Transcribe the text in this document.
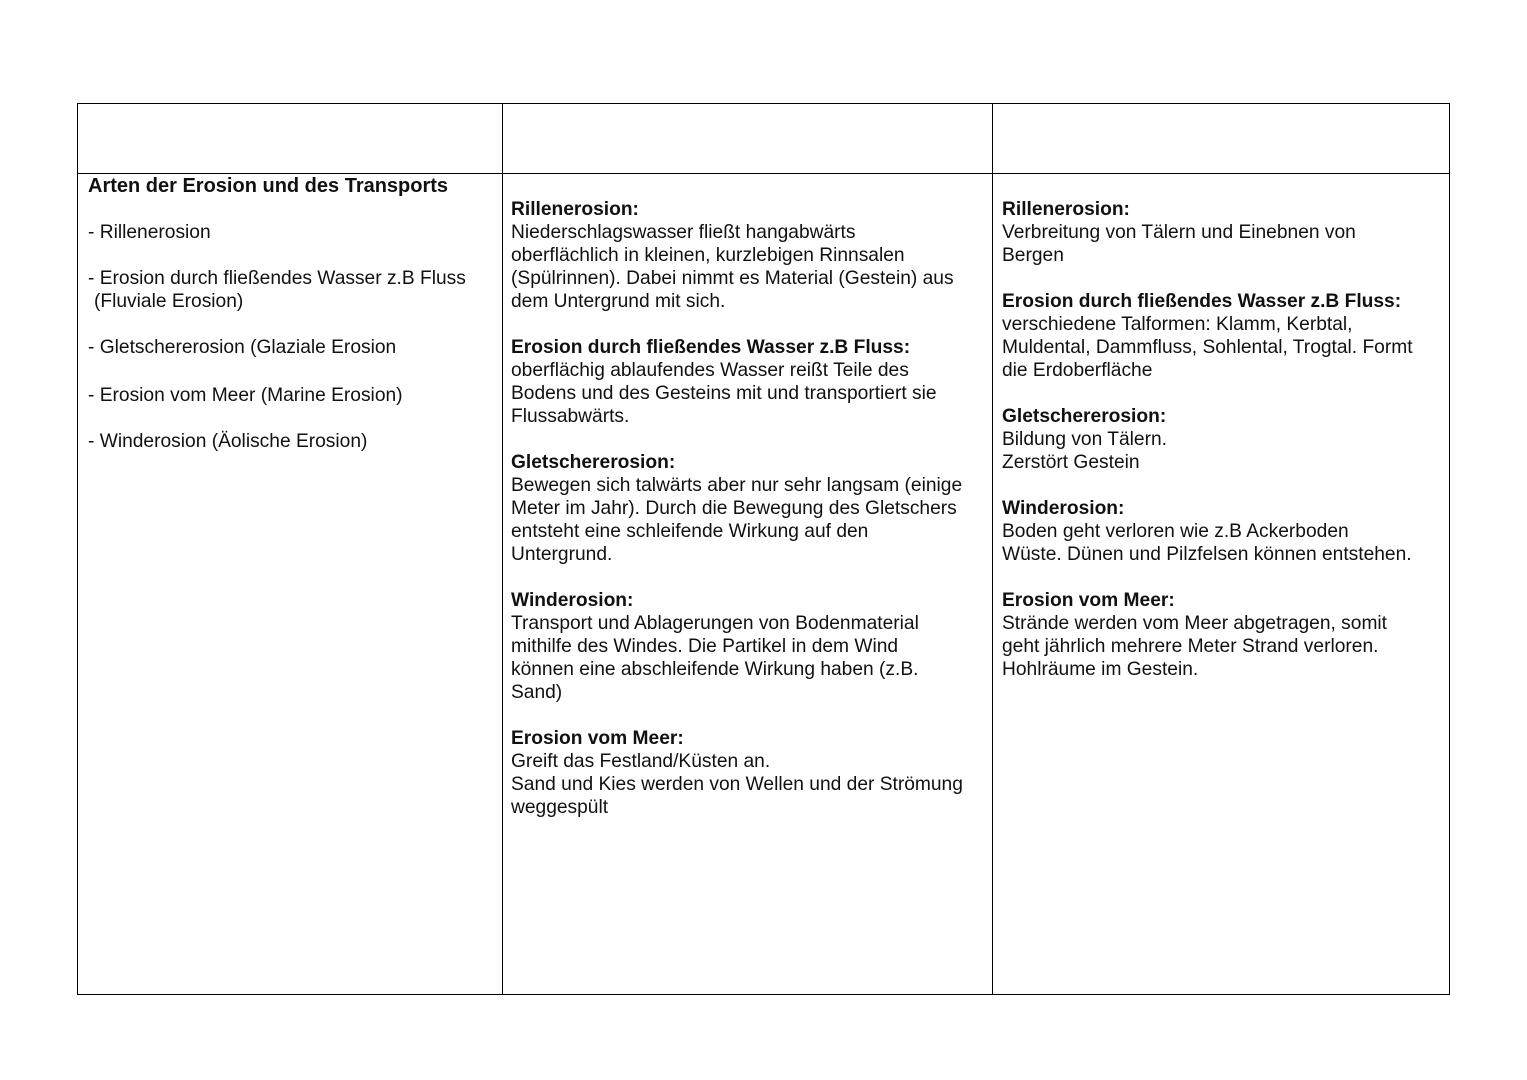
Arten der Erosion und des Transports
- Rillenerosion
- Erosion durch fließendes Wasser z.B Fluss
(Fluviale Erosion)
- Gletschererosion (Glaziale Erosion
- Erosion vom Meer (Marine Erosion)
- Winderosion (Äolische Erosion)
Rillenerosion:
Niederschlagswasser fließt hangabwärts
oberflächlich in kleinen, kurzlebigen Rinnsalen
(Spülrinnen). Dabei nimmt es Material (Gestein) aus
dem Untergrund mit sich.
Erosion durch fließendes Wasser z.B Fluss:
oberflächig ablaufendes Wasser reißt Teile des
Bodens und des Gesteins mit und transportiert sie
Flussabwärts.
Gletschererosion:
Bewegen sich talwärts aber nur sehr langsam (einige
Meter im Jahr). Durch die Bewegung des Gletschers
entsteht eine schleifende Wirkung auf den
Untergrund.
Winderosion:
Transport und Ablagerungen von Bodenmaterial
mithilfe des Windes. Die Partikel in dem Wind
können eine abschleifende Wirkung haben (z.B.
Sand)
Erosion vom Meer:
Greift das Festland/Küsten an.
Sand und Kies werden von Wellen und der Strömung
weggespült
Rillenerosion:
Verbreitung von Tälern und Einebnen von
Bergen
Erosion durch fließendes Wasser z.B Fluss:
verschiedene Talformen: Klamm, Kerbtal,
Muldental, Dammfluss, Sohlental, Trogtal. Formt
die Erdoberfläche
Gletschererosion:
Bildung von Tälern.
Zerstört Gestein
Winderosion:
Boden geht verloren wie z.B Ackerboden
Wüste. Dünen und Pilzfelsen können entstehen.
Erosion vom Meer:
Strände werden vom Meer abgetragen, somit
geht jährlich mehrere Meter Strand verloren.
Hohlräume im Gestein.
